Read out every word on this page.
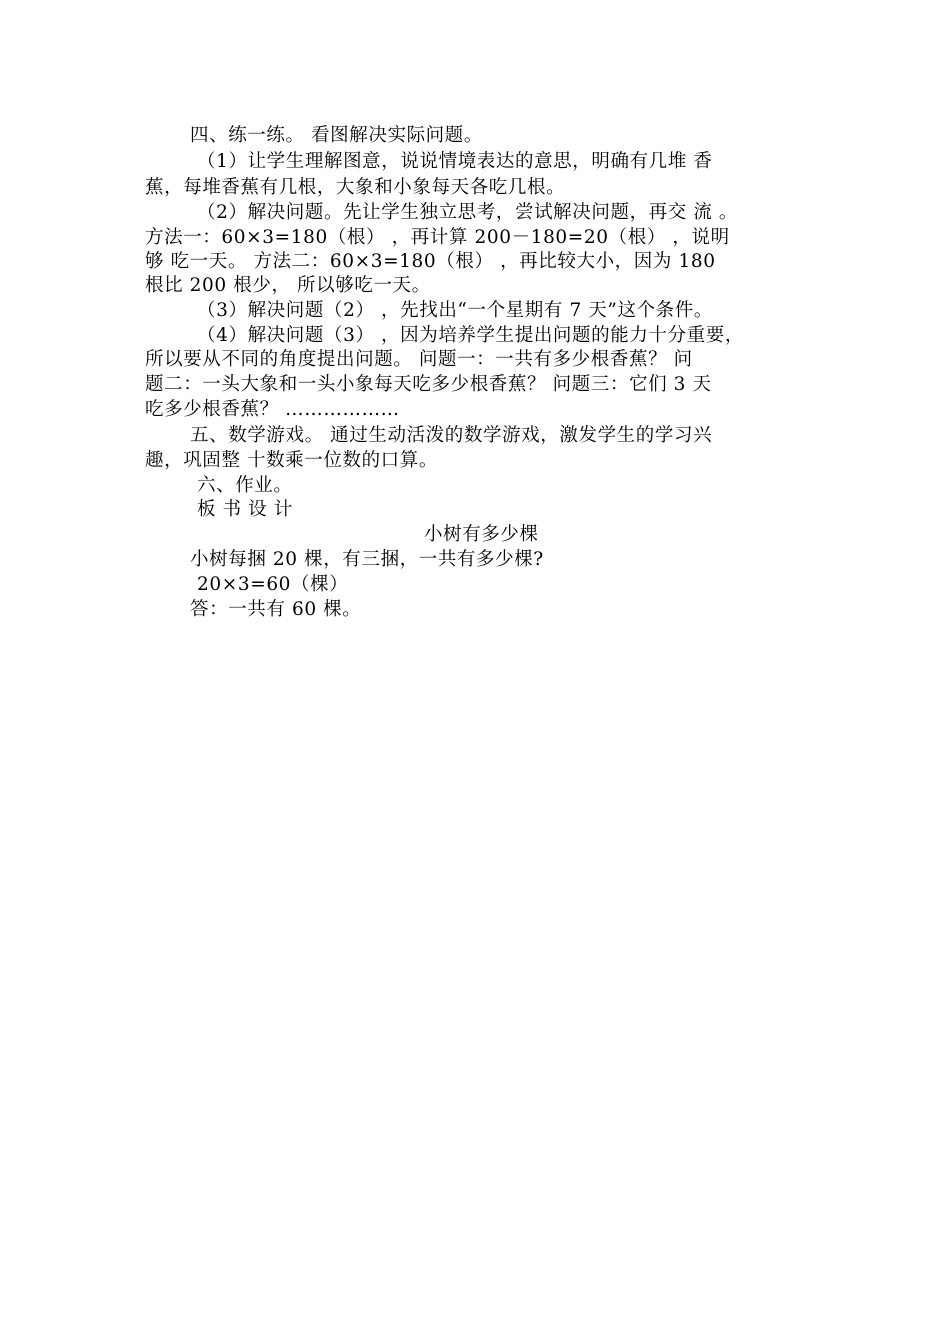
四、练一练。 看图解决实际问题。
（1）让学生理解图意，说说情境表达的意思，明确有几堆 香
蕉，每堆香蕉有几根，大象和小象每天各吃几根。
（2）解决问题。先让学生独立思考，尝试解决问题，再交 流 。
方法一：60×3=180（根） ，再计算 200－180=20（根） ，说明
够 吃一天。 方法二：60×3=180（根） ，再比较大小，因为 180
根比 200 根少， 所以够吃一天。
（3）解决问题（2） ，先找出“一个星期有 7 天”这个条件。
（4）解决问题（3） ，因为培养学生提出问题的能力十分重要，
所以要从不同的角度提出问题。 问题一：一共有多少根香蕉？ 问
题二：一头大象和一头小象每天吃多少根香蕉？ 问题三：它们 3 天
吃多少根香蕉？ ………………
五、数学游戏。 通过生动活泼的数学游戏，激发学生的学习兴
趣，巩固整 十数乘一位数的口算。
六、作业。
板 书 设 计
小树有多少棵
小树每捆 20 棵，有三捆，一共有多少棵?
20×3=60（棵）
答：一共有 60 棵。
